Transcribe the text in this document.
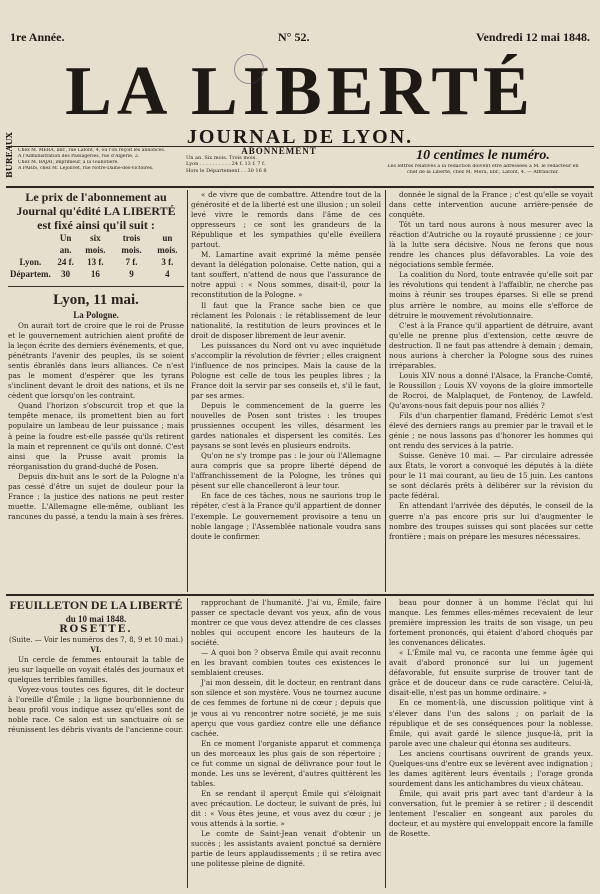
1re Année.	N° 52.	Vendredi 12 mai 1848.
LA LIBERTÉ
JOURNAL DE LYON.
BUREAUX Chez M. MERA, libr., rue Lafont, 4, où l'on reçoit les annonces.
A l'Administration des Passageries, rue d'Algérie, 2.
Chez M. BAJAT, imprimeur, à la Guillotière.
A PARIS, chez M. Lejolivet, rue Notre-Dame-des-Victoires.
ABONNEMENT
Un an. Six mois. Trois mois.
Lyon . . . . . . . . . . 24 f. 13 f. 7 f.
Hors le Département . . 30 16 8
10 centimes le numéro.
Les lettres relatives à la rédaction doivent être adressées à M. le rédacteur en
chef de la Liberté, chez M. Mera, libr., Lafont, 4. — Affranchir.
Le prix de l'abonnement au Journal qu'édité LA LIBERTÉ est fixé ainsi qu'il suit :
	Un an.	six mois.	trois mois.	un mois.
Lyon.	24 f.	13 f.	7 f.	3 f.
Départem.	30	16	9	4
Lyon, 11 mai.
La Pologne.

On aurait tort de croire que le roi de Prusse et le gouvernement autrichien aient profité de la leçon écrite des derniers événements, et que, pénétrants l'avenir des peuples, ils se soient sentis ébranlés dans leurs alliances. Ce n'est pas le moment d'espérer que les tyrans s'inclinent devant le droit des nations, et ils ne cèdent que lorsqu'on les contraint.

Quand l'horizon s'obscurcit trop et que la tempête menace, ils promettent bien au fort populaire un lambeau de leur puissance ; mais à peine la foudre est-elle passée qu'ils retirent la main et reprennent ce qu'ils ont donné. C'est ainsi que la Prusse avait promis la réorganisation du grand-duché de Posen.

Depuis dix-huit ans le sort de la Pologne n'a pas cessé d'être un sujet de douleur pour la France ; la justice des nations ne peut rester muette. L'Allemagne elle-même, oubliant les rancunes du passé, a tendu la main à ses frères.

« de vivre que de combattre. Attendre tout de la générosité et de la liberté est une illusion ; un soleil levé vivre le remords dans l'âme de ces oppresseurs ; ce sont les grandeurs de la République et les sympathies qu'elle éveillera partout.

M. Lamartine avait exprimé la même pensée devant la délégation polonaise. Cette nation, qui a tant souffert, n'attend de nous que l'assurance de notre appui : « Nous sommes, disait-il, pour la reconstitution de la Pologne. »

Il faut que la France sache bien ce que réclament les Polonais : le rétablissement de leur nationalité, la restitution de leurs provinces et le droit de disposer librement de leur avenir.

Les puissances du Nord ont vu avec inquiétude s'accomplir la révolution de février ; elles craignent l'influence de nos principes. Mais la cause de la Pologne est celle de tous les peuples libres ; la France doit la servir par ses conseils et, s'il le faut, par ses armes.

Depuis le commencement de la guerre les nouvelles de Posen sont tristes : les troupes prussiennes occupent les villes, désarment les gardes nationales et dispersent les comités. Les paysans se sont levés en plusieurs endroits.

Qu'on ne s'y trompe pas : le jour où l'Allemagne aura compris que sa propre liberté dépend de l'affranchissement de la Pologne, les trônes qui pèsent sur elle chancelleront à leur tour.

En face de ces tâches, nous ne saurions trop le répéter, c'est à la France qu'il appartient de donner l'exemple. Le gouvernement provisoire a tenu un noble langage ; l'Assemblée nationale voudra sans doute le confirmer.

donnée le signal de la France ; c'est qu'elle se voyait dans cette intervention aucune arrière-pensée de conquête.

Tôt un tard nous aurons à nous mesurer avec la réaction d'Autriche ou la royauté prussienne ; ce jour-là la lutte sera décisive. Nous ne ferons que nous rendre les chances plus défavorables. La voie des négociations semble fermée.

La coalition du Nord, toute entravée qu'elle soit par les révolutions qui tendent à l'affaiblir, ne cherche pas moins à réunir ses troupes éparses. Si elle se prend plus arrière le nombre, au moins elle s'efforce de détruire le mouvement révolutionnaire.

C'est à la France qu'il appartient de détruire, avant qu'elle ne prenne plus d'extension, cette œuvre de destruction. Il ne faut pas attendre à demain ; demain, nous aurions à chercher la Pologne sous des ruines irréparables.

Louis XIV nous a donné l'Alsace, la Franche-Comté, le Roussillon ; Louis XV voyons de la gloire immortelle de Rocroi, de Malplaquet, de Fontenoy, de Lawfeld. Qu'avons-nous fait depuis pour nos alliés ?

Fils d'un charpentier flamand, Frédéric Lemot s'est élevé des derniers rangs au premier par le travail et le génie ; ne nous lassons pas d'honorer les hommes qui ont rendu des services à la patrie.

Suisse. Genève 10 mai. — Par circulaire adressée aux États, le vorort a convoqué les députés à la diète pour le 11 mai courant, au lieu de 15 juin. Les cantons se sont déclarés prêts à délibérer sur la révision du pacte fédéral.

En attendant l'arrivée des députés, le conseil de la guerre n'a pas encore pris sur lui d'augmenter le nombre des troupes suisses qui sont placées sur cette frontière ; mais on prépare les mesures nécessaires.

FEUILLETON DE LA LIBERTÉ
du 10 mai 1848.
ROSETTE.
(Suite. — Voir les numéros des 7, 8, 9 et 10 mai.)
VI.

Un cercle de femmes entourait la table de jeu sur laquelle on voyait étalés des journaux et quelques terribles familles.

Voyez-vous toutes ces figures, dit le docteur à l'oreille d'Émile ; la ligne bourbonnienne du beau profil vous indique assez qu'elles sont de noble race. Ce salon est un sanctuaire où se réunissent les débris vivants de l'ancienne cour.

rapprochant de l'humanité. J'ai vu, Émile, faire passer ce spectacle devant vos yeux, afin de vous montrer ce que vous devez attendre de ces classes nobles qui occupent encore les hauteurs de la société.

— A quoi bon ? observa Émile qui avait reconnu en les bravant combien toutes ces existences le semblaient creuses.

J'ai mon dessein, dit le docteur, en rentrant dans son silence et son mystère. Vous ne tournez aucune de ces femmes de fortune ni de cœur ; depuis que je vous ai vu rencontrer notre société, je me suis aperçu que vous gardiez contre elle une défiance cachée.

En ce moment l'organiste apparut et commença un des morceaux les plus gais de son répertoire ; ce fut comme un signal de délivrance pour tout le monde. Les uns se levèrent, d'autres quittèrent les tables.

En se rendant il aperçut Émile qui s'éloignait avec précaution. Le docteur, le suivant de près, lui dit : « Vous êtes jeune, et vous avez du cœur ; je vous attends à la sortie. »

Le comte de Saint-Jean venait d'obtenir un succès ; les assistants avaient ponctué sa dernière partie de leurs applaudissements ; il se retira avec une politesse pleine de dignité.

beau pour donner à un homme l'éclat qui lui manque. Les femmes elles-mêmes recevaient de leur première impression les traits de son visage, un peu fortement prononcés, qui étaient d'abord choqués par les convenances délicates.

« L'Émile mal vu, ce raconta une femme âgée qui avait d'abord prononcé sur lui un jugement défavorable, fut ensuite surprise de trouver tant de grâce et de douceur dans ce rude caractère. Celui-là, disait-elle, n'est pas un homme ordinaire. »

En ce moment-là, une discussion politique vint à s'élever dans l'un des salons ; on parlait de la république et de ses conséquences pour la noblesse. Émile, qui avait gardé le silence jusque-là, prit la parole avec une chaleur qui étonna ses auditeurs.

Les anciens courtisans ouvrirent de grands yeux. Quelques-uns d'entre eux se levèrent avec indignation ; les dames agitèrent leurs éventails ; l'orage gronda sourdement dans les antichambres du vieux château.

Émile, qui avait pris part avec tant d'ardeur à la conversation, fut le premier à se retirer ; il descendit lentement l'escalier en songeant aux paroles du docteur, et au mystère qui enveloppait encore la famille de Rosette.
